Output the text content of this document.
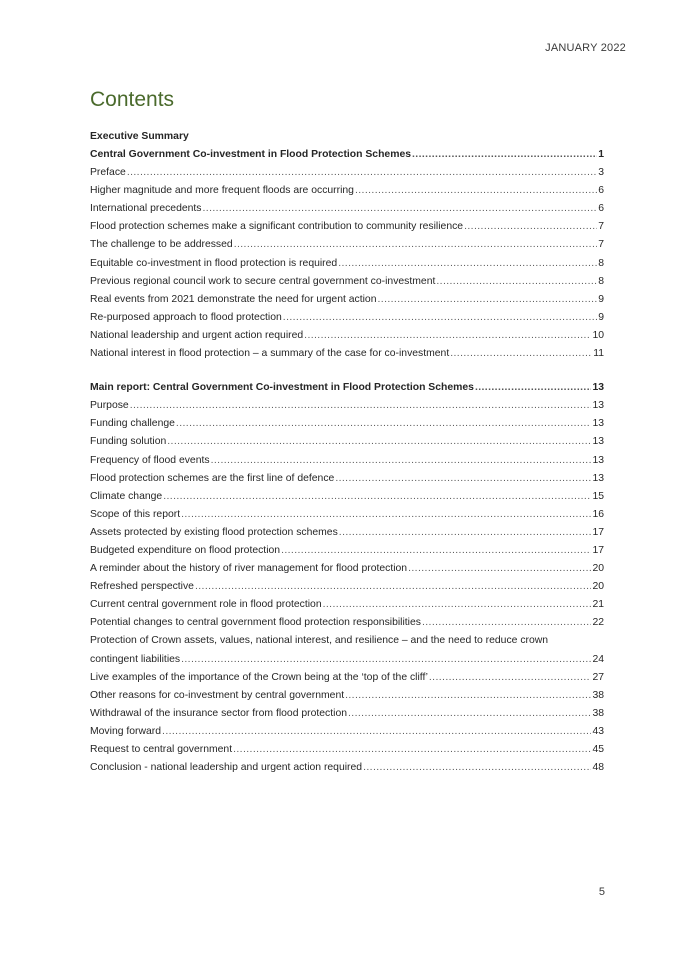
JANUARY 2022
Contents
Executive Summary
Central Government Co-investment in Flood Protection Schemes .....	1
Preface .....	3
Higher magnitude and more frequent floods are occurring .....	6
International precedents .....	6
Flood protection schemes make a significant contribution to community resilience .....	7
The challenge to be addressed .....	7
Equitable co-investment in flood protection is required .....	8
Previous regional council work to secure central government co-investment .....	8
Real events from 2021 demonstrate the need for urgent action .....	9
Re-purposed approach to flood protection .....	9
National leadership and urgent action required .....	10
National interest in flood protection – a summary of the case for co-investment .....	11
Main report: Central Government Co-investment in Flood Protection Schemes .....	13
Purpose .....	13
Funding challenge .....	13
Funding solution .....	13
Frequency of flood events .....	13
Flood protection schemes are the first line of defence .....	13
Climate change .....	15
Scope of this report .....	16
Assets protected by existing flood protection schemes .....	17
Budgeted expenditure on flood protection .....	17
A reminder about the history of river management for flood protection .....	20
Refreshed perspective .....	20
Current central government role in flood protection .....	21
Potential changes to central government flood protection responsibilities .....	22
Protection of Crown assets, values, national interest, and resilience – and the need to reduce crown
contingent liabilities .....	24
Live examples of the importance of the Crown being at the ‘top of the cliff’ .....	27
Other reasons for co-investment by central government .....	38
Withdrawal of the insurance sector from flood protection .....	38
Moving forward .....	43
Request to central government .....	45
Conclusion - national leadership and urgent action required .....	48
5
